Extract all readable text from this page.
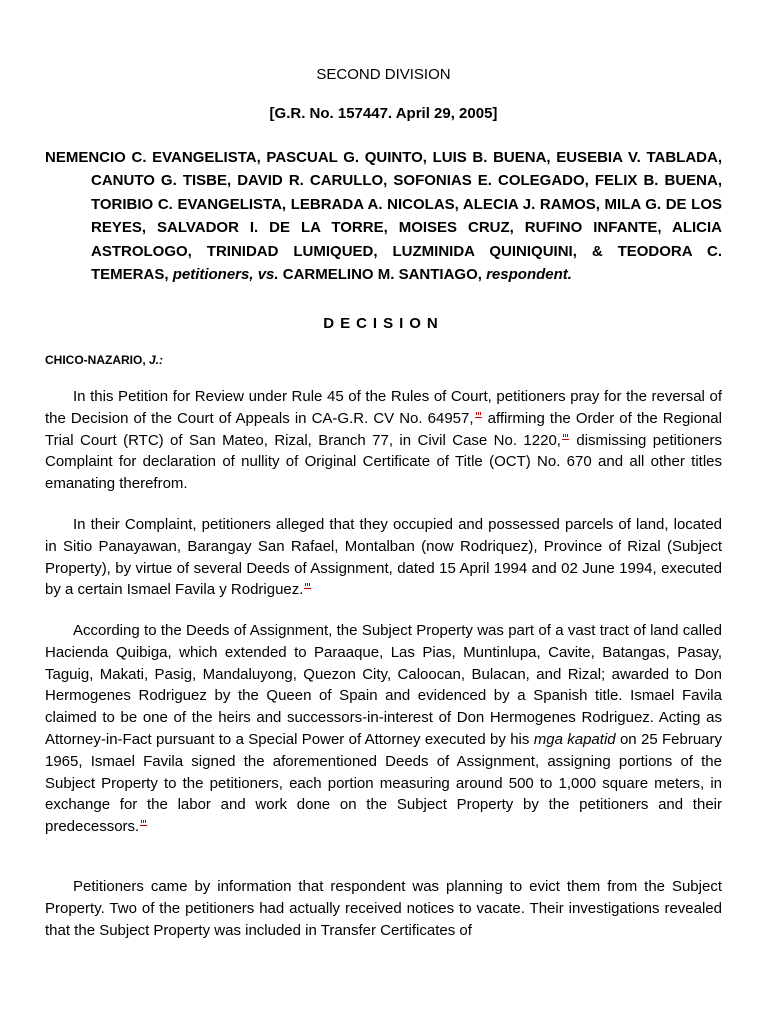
SECOND DIVISION
[G.R. No. 157447. April 29, 2005]
NEMENCIO C. EVANGELISTA, PASCUAL G. QUINTO, LUIS B. BUENA, EUSEBIA V. TABLADA, CANUTO G. TISBE, DAVID R. CARULLO, SOFONIAS E. COLEGADO, FELIX B. BUENA, TORIBIO C. EVANGELISTA, LEBRADA A. NICOLAS, ALECIA J. RAMOS, MILA G. DE LOS REYES, SALVADOR I. DE LA TORRE, MOISES CRUZ, RUFINO INFANTE, ALICIA ASTROLOGO, TRINIDAD LUMIQUED, LUZMINIDA QUINIQUINI, & TEODORA C. TEMERAS, petitioners, vs. CARMELINO M. SANTIAGO, respondent.
DECISION
CHICO-NAZARIO, J.:

In this Petition for Review under Rule 45 of the Rules of Court, petitioners pray for the reversal of the Decision of the Court of Appeals in CA-G.R. CV No. 64957, affirming the Order of the Regional Trial Court (RTC) of San Mateo, Rizal, Branch 77, in Civil Case No. 1220, dismissing petitioners Complaint for declaration of nullity of Original Certificate of Title (OCT) No. 670 and all other titles emanating therefrom.

In their Complaint, petitioners alleged that they occupied and possessed parcels of land, located in Sitio Panayawan, Barangay San Rafael, Montalban (now Rodriquez), Province of Rizal (Subject Property), by virtue of several Deeds of Assignment, dated 15 April 1994 and 02 June 1994, executed by a certain Ismael Favila y Rodriguez.

According to the Deeds of Assignment, the Subject Property was part of a vast tract of land called Hacienda Quibiga, which extended to Paraaque, Las Pias, Muntinlupa, Cavite, Batangas, Pasay, Taguig, Makati, Pasig, Mandaluyong, Quezon City, Caloocan, Bulacan, and Rizal; awarded to Don Hermogenes Rodriguez by the Queen of Spain and evidenced by a Spanish title. Ismael Favila claimed to be one of the heirs and successors-in-interest of Don Hermogenes Rodriguez. Acting as Attorney-in-Fact pursuant to a Special Power of Attorney executed by his mga kapatid on 25 February 1965, Ismael Favila signed the aforementioned Deeds of Assignment, assigning portions of the Subject Property to the petitioners, each portion measuring around 500 to 1,000 square meters, in exchange for the labor and work done on the Subject Property by the petitioners and their predecessors.

Petitioners came by information that respondent was planning to evict them from the Subject Property. Two of the petitioners had actually received notices to vacate. Their investigations revealed that the Subject Property was included in Transfer Certificates of
